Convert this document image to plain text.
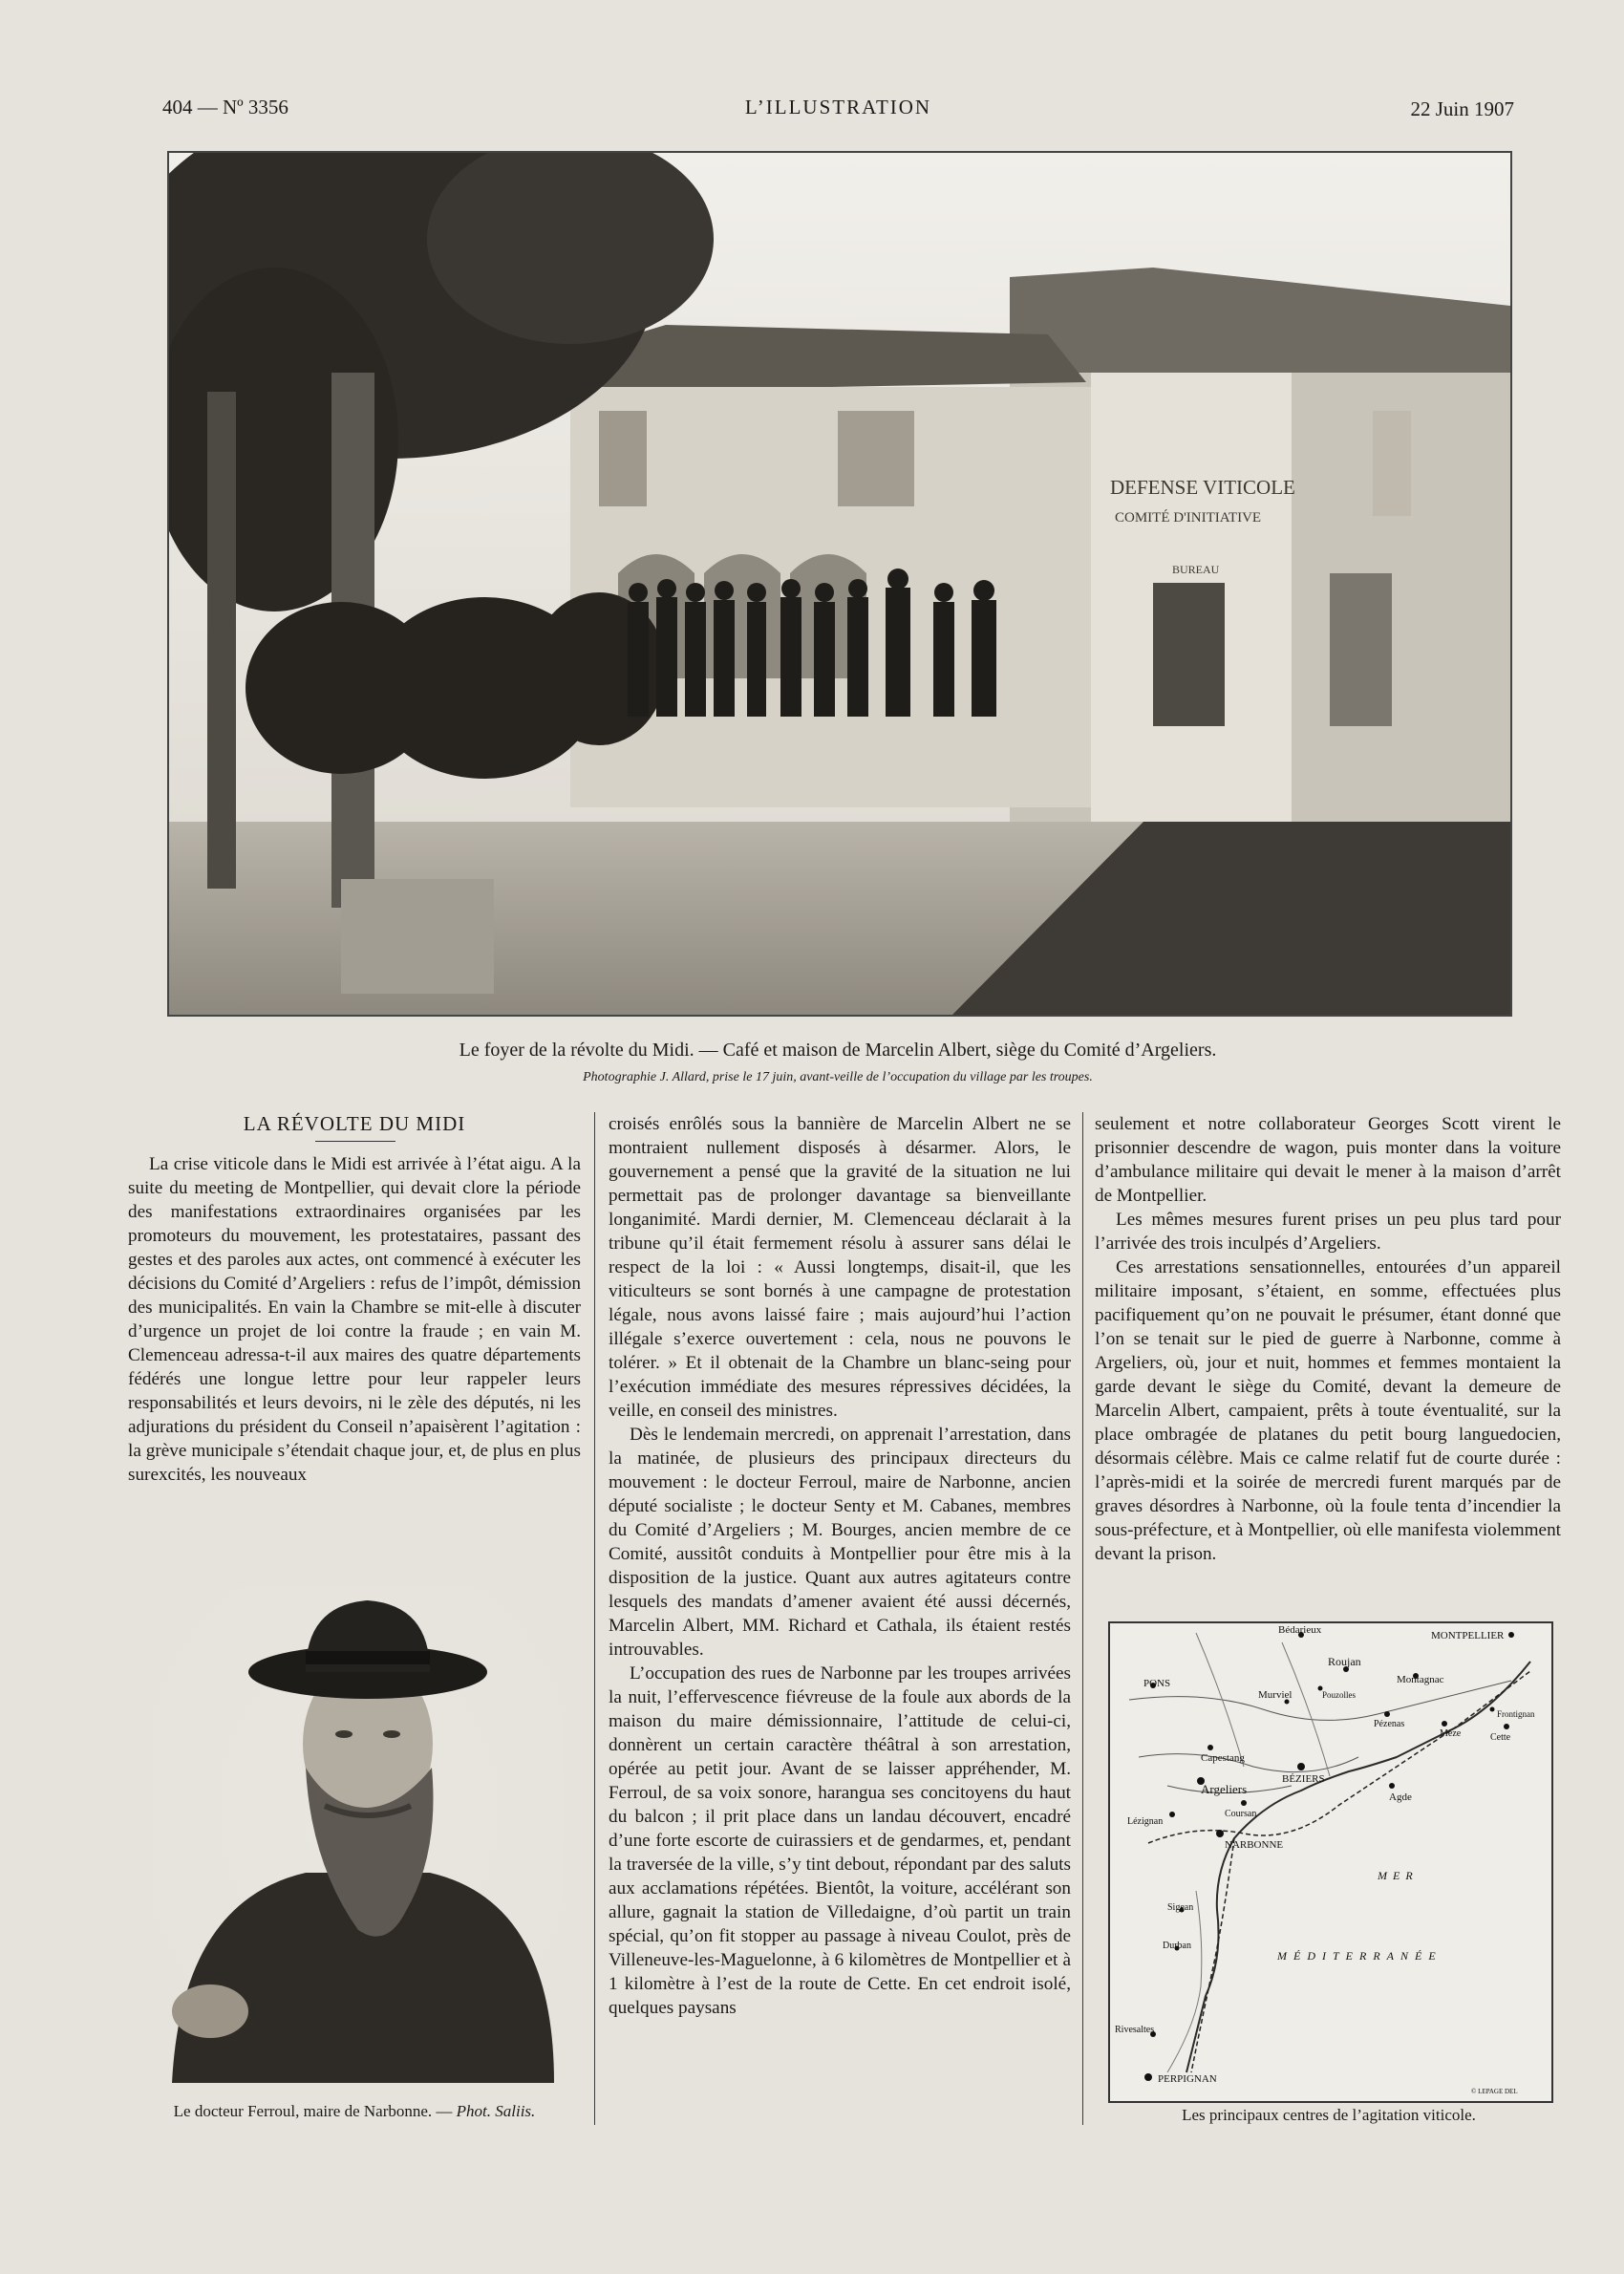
404 — Nº 3356	L’ILLUSTRATION	22 Juin 1907
DEFENSE VITICOLE
COMITÉ D'INITIATIVE
BUREAU
Le foyer de la révolte du Midi. — Café et maison de Marcelin Albert, siège du Comité d’Argeliers.
Photographie J. Allard, prise le 17 juin, avant-veille de l’occupation du village par les troupes.
LA RÉVOLTE DU MIDI

La crise viticole dans le Midi est arrivée à l’état aigu. A la suite du meeting de Montpellier, qui devait clore la période des manifestations extraordinaires organisées par les promoteurs du mouvement, les protestataires, passant des gestes et des paroles aux actes, ont commencé à exécuter les décisions du Comité d’Argeliers : refus de l’impôt, démission des municipalités. En vain la Chambre se mit-elle à discuter d’urgence un projet de loi contre la fraude ; en vain M. Clemenceau adressa-t-il aux maires des quatre départements fédérés une longue lettre pour leur rappeler leurs responsabilités et leurs devoirs, ni le zèle des députés, ni les adjurations du président du Conseil n’apaisèrent l’agitation : la grève municipale s’étendait chaque jour, et, de plus en plus surexcités, les nouveaux

croisés enrôlés sous la bannière de Marcelin Albert ne se montraient nullement disposés à désarmer. Alors, le gouvernement a pensé que la gravité de la situation ne lui permettait pas de prolonger davantage sa bienveillante longanimité. Mardi dernier, M. Clemenceau déclarait à la tribune qu’il était fermement résolu à assurer sans délai le respect de la loi : « Aussi longtemps, disait-il, que les viticulteurs se sont bornés à une campagne de protestation légale, nous avons laissé faire ; mais aujourd’hui l’action illégale s’exerce ouvertement : cela, nous ne pouvons le tolérer. » Et il obtenait de la Chambre un blanc-seing pour l’exécution immédiate des mesures répressives décidées, la veille, en conseil des ministres.

Dès le lendemain mercredi, on apprenait l’arrestation, dans la matinée, de plusieurs des principaux directeurs du mouvement : le docteur Ferroul, maire de Narbonne, ancien député socialiste ; le docteur Senty et M. Cabanes, membres du Comité d’Argeliers ; M. Bourges, ancien membre de ce Comité, aussitôt conduits à Montpellier pour être mis à la disposition de la justice. Quant aux autres agitateurs contre lesquels des mandats d’amener avaient été aussi décernés, Marcelin Albert, MM. Richard et Cathala, ils étaient restés introuvables.

L’occupation des rues de Narbonne par les troupes arrivées la nuit, l’effervescence fiévreuse de la foule aux abords de la maison du maire démissionnaire, l’attitude de celui-ci, donnèrent un certain caractère théâtral à son arrestation, opérée au petit jour. Avant de se laisser appréhender, M. Ferroul, de sa voix sonore, harangua ses concitoyens du haut du balcon ; il prit place dans un landau découvert, encadré d’une forte escorte de cuirassiers et de gendarmes, et, pendant la traversée de la ville, s’y tint debout, répondant par des saluts aux acclamations répétées. Bientôt, la voiture, accélérant son allure, gagnait la station de Villedaigne, d’où partit un train spécial, qu’on fit stopper au passage à niveau Coulot, près de Villeneuve-les-Maguelonne, à 6 kilomètres de Montpellier et à 1 kilomètre à l’est de la route de Cette. En cet endroit isolé, quelques paysans

seulement et notre collaborateur Georges Scott virent le prisonnier descendre de wagon, puis monter dans la voiture d’ambulance militaire qui devait le mener à la maison d’arrêt de Montpellier.

Les mêmes mesures furent prises un peu plus tard pour l’arrivée des trois inculpés d’Argeliers.

Ces arrestations sensationnelles, entourées d’un appareil militaire imposant, s’étaient, en somme, effectuées plus pacifiquement qu’on ne pouvait le présumer, étant donné que l’on se tenait sur le pied de guerre à Narbonne, comme à Argeliers, où, jour et nuit, hommes et femmes montaient la garde devant le siège du Comité, devant la demeure de Marcelin Albert, campaient, prêts à toute éventualité, sur la place ombragée de platanes du petit bourg languedocien, désormais célèbre. Mais ce calme relatif fut de courte durée : l’après-midi et la soirée de mercredi furent marqués par de graves désordres à Narbonne, où la foule tenta d’incendier la sous-préfecture, et à Montpellier, où elle manifesta violemment devant la prison.

Le docteur Ferroul, maire de Narbonne. — Phot. Saliis.
MONTPELLIER
Bédarieux
Roujan
Montagnac
Pouzolles
Murviel
Pézenas
Mèze
Frontignan
Cette
PONS
Capestang
Argeliers
BÉZIERS
Agde
Coursan
Lézignan
NARBONNE
Sigean
Durban
Rivesaltes
PERPIGNAN
MER
MÉDITERRANÉE
© LEPAGE DEL
Les principaux centres de l’agitation viticole.
